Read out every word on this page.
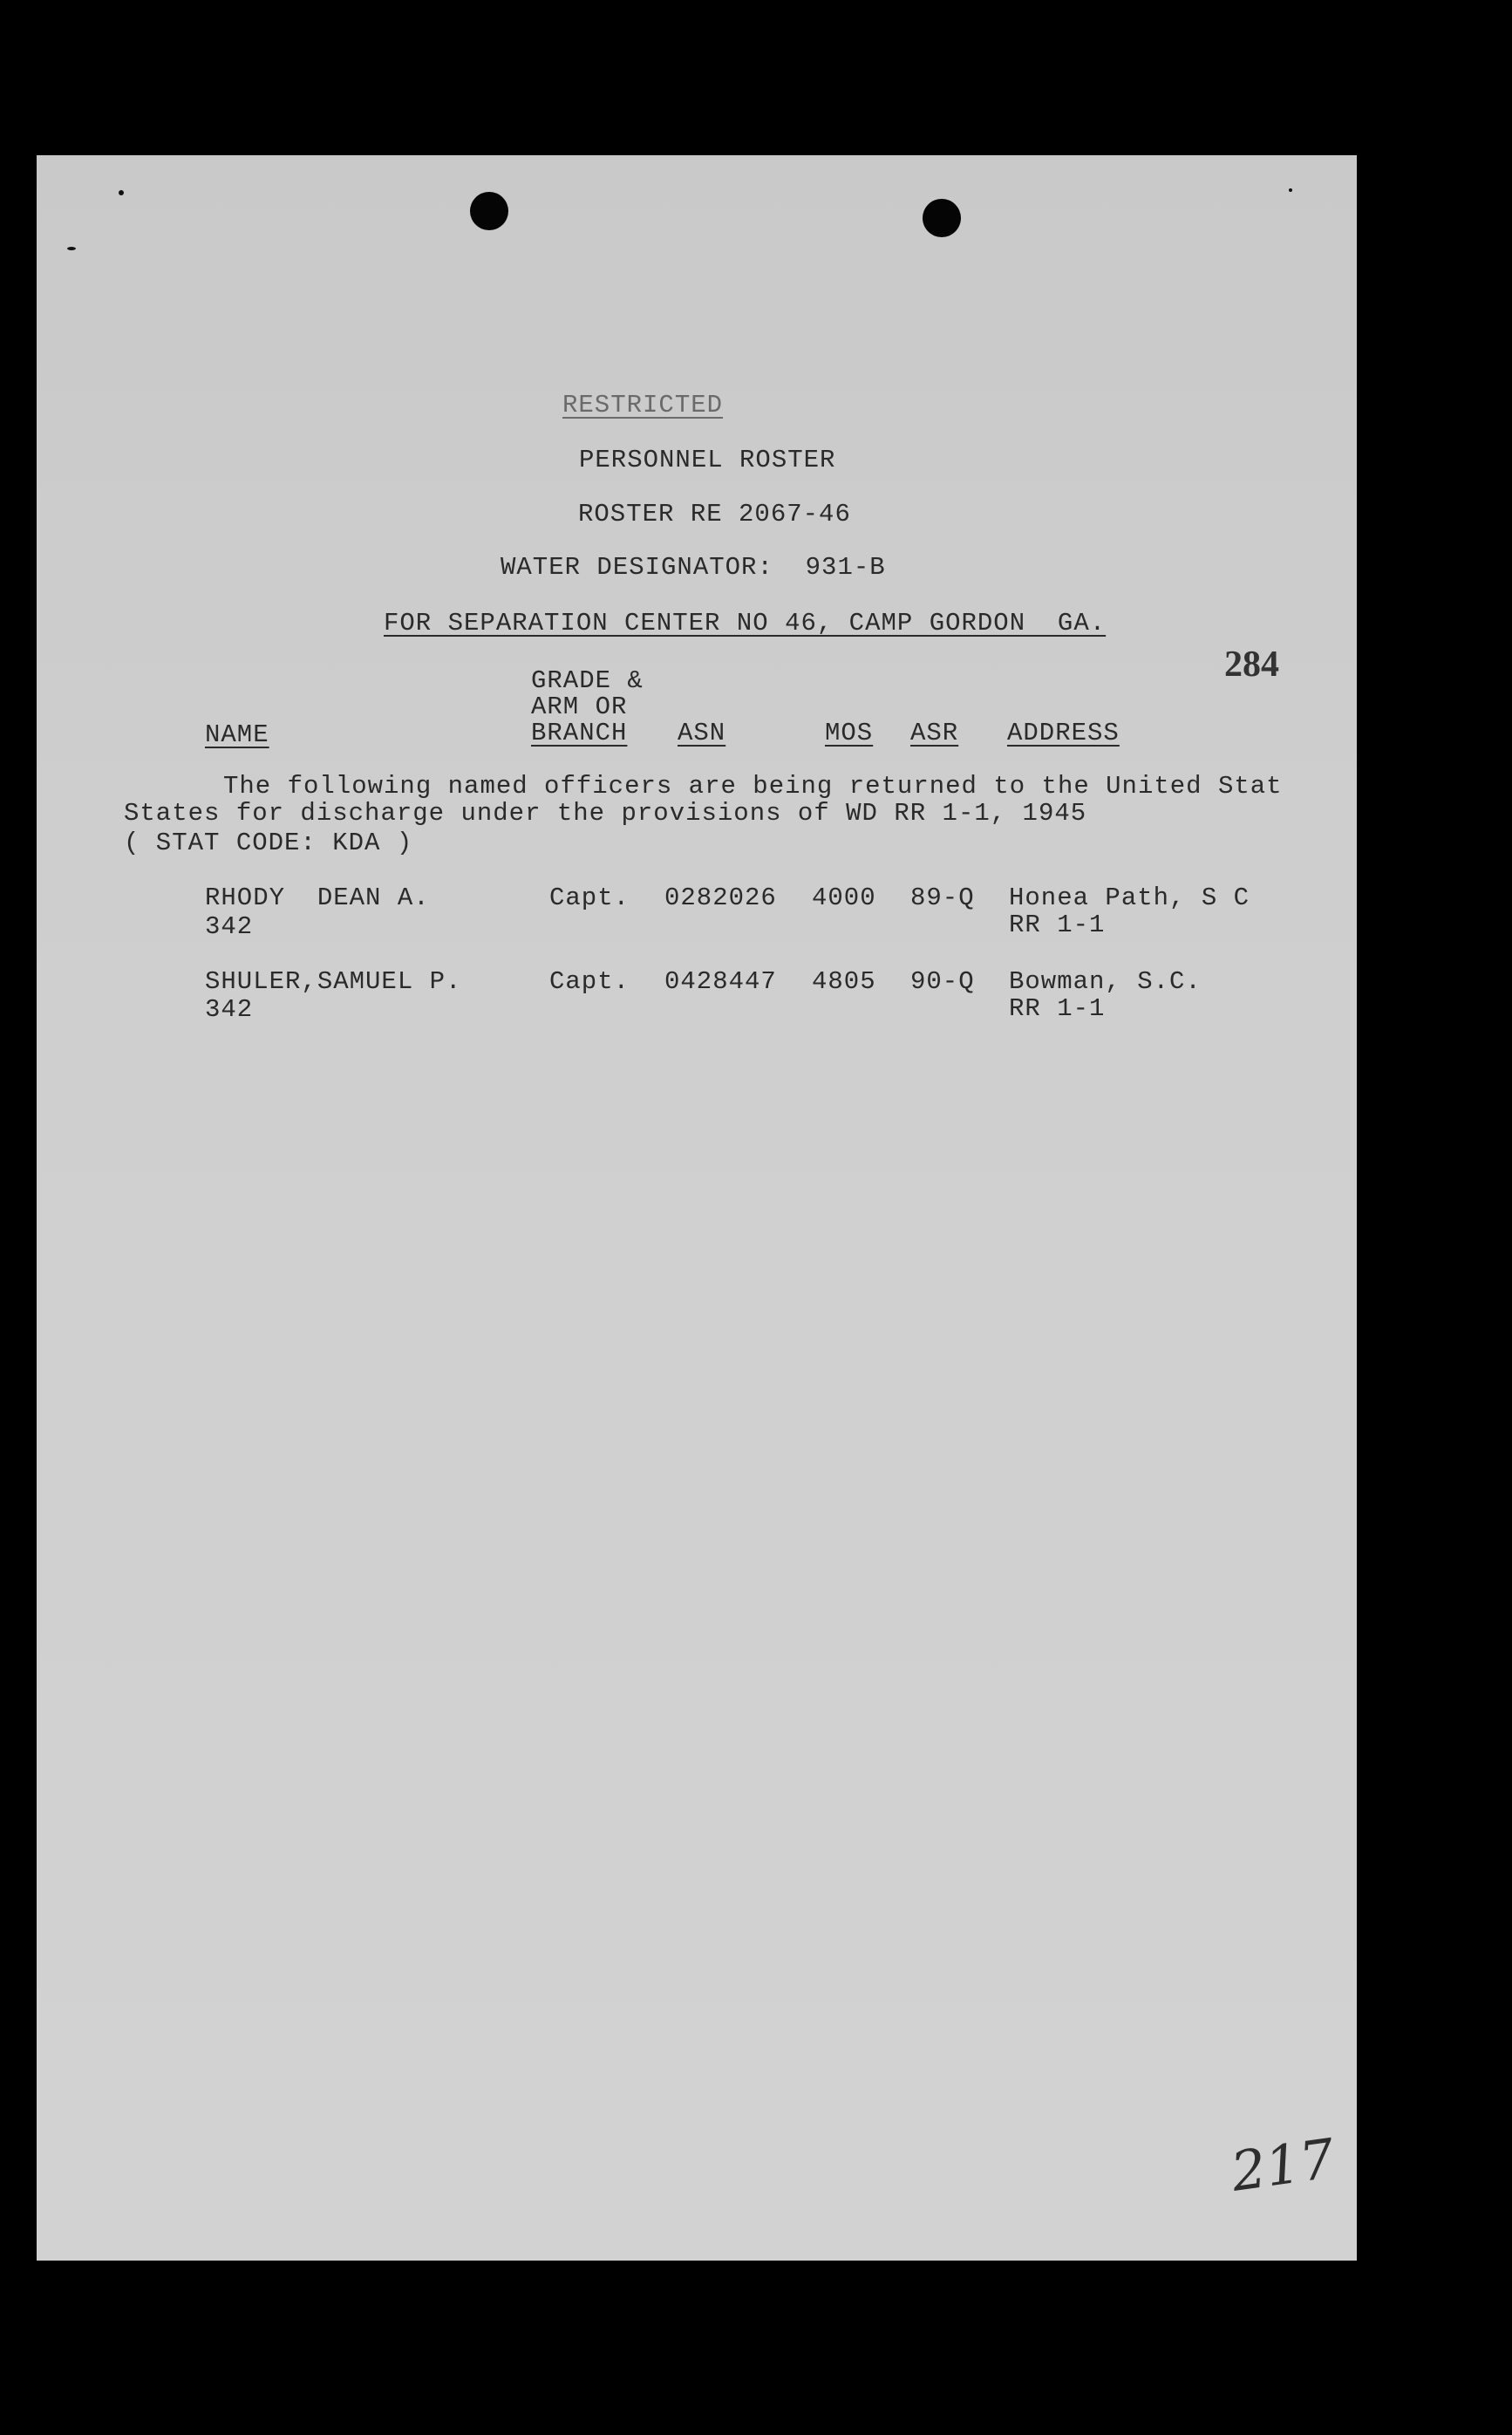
RESTRICTED
PERSONNEL ROSTER
ROSTER RE 2067-46
WATER DESIGNATOR:  931-B
FOR SEPARATION CENTER NO 46, CAMP GORDON  GA.
284
GRADE &
ARM OR
BRANCH
NAME	ASN	MOS ASR ADDRESS
The following named officers are being returned to the United Stat
States for discharge under the provisions of WD RR 1-1, 1945
( STAT CODE: KDA )
RHODY  DEAN A.
342
Capt. 0282026 4000 89-Q Honea Path, S C
RR 1-1
SHULER,SAMUEL P.
342
Capt. 0428447 4805 90-Q Bowman, S.C.
RR 1-1
217
